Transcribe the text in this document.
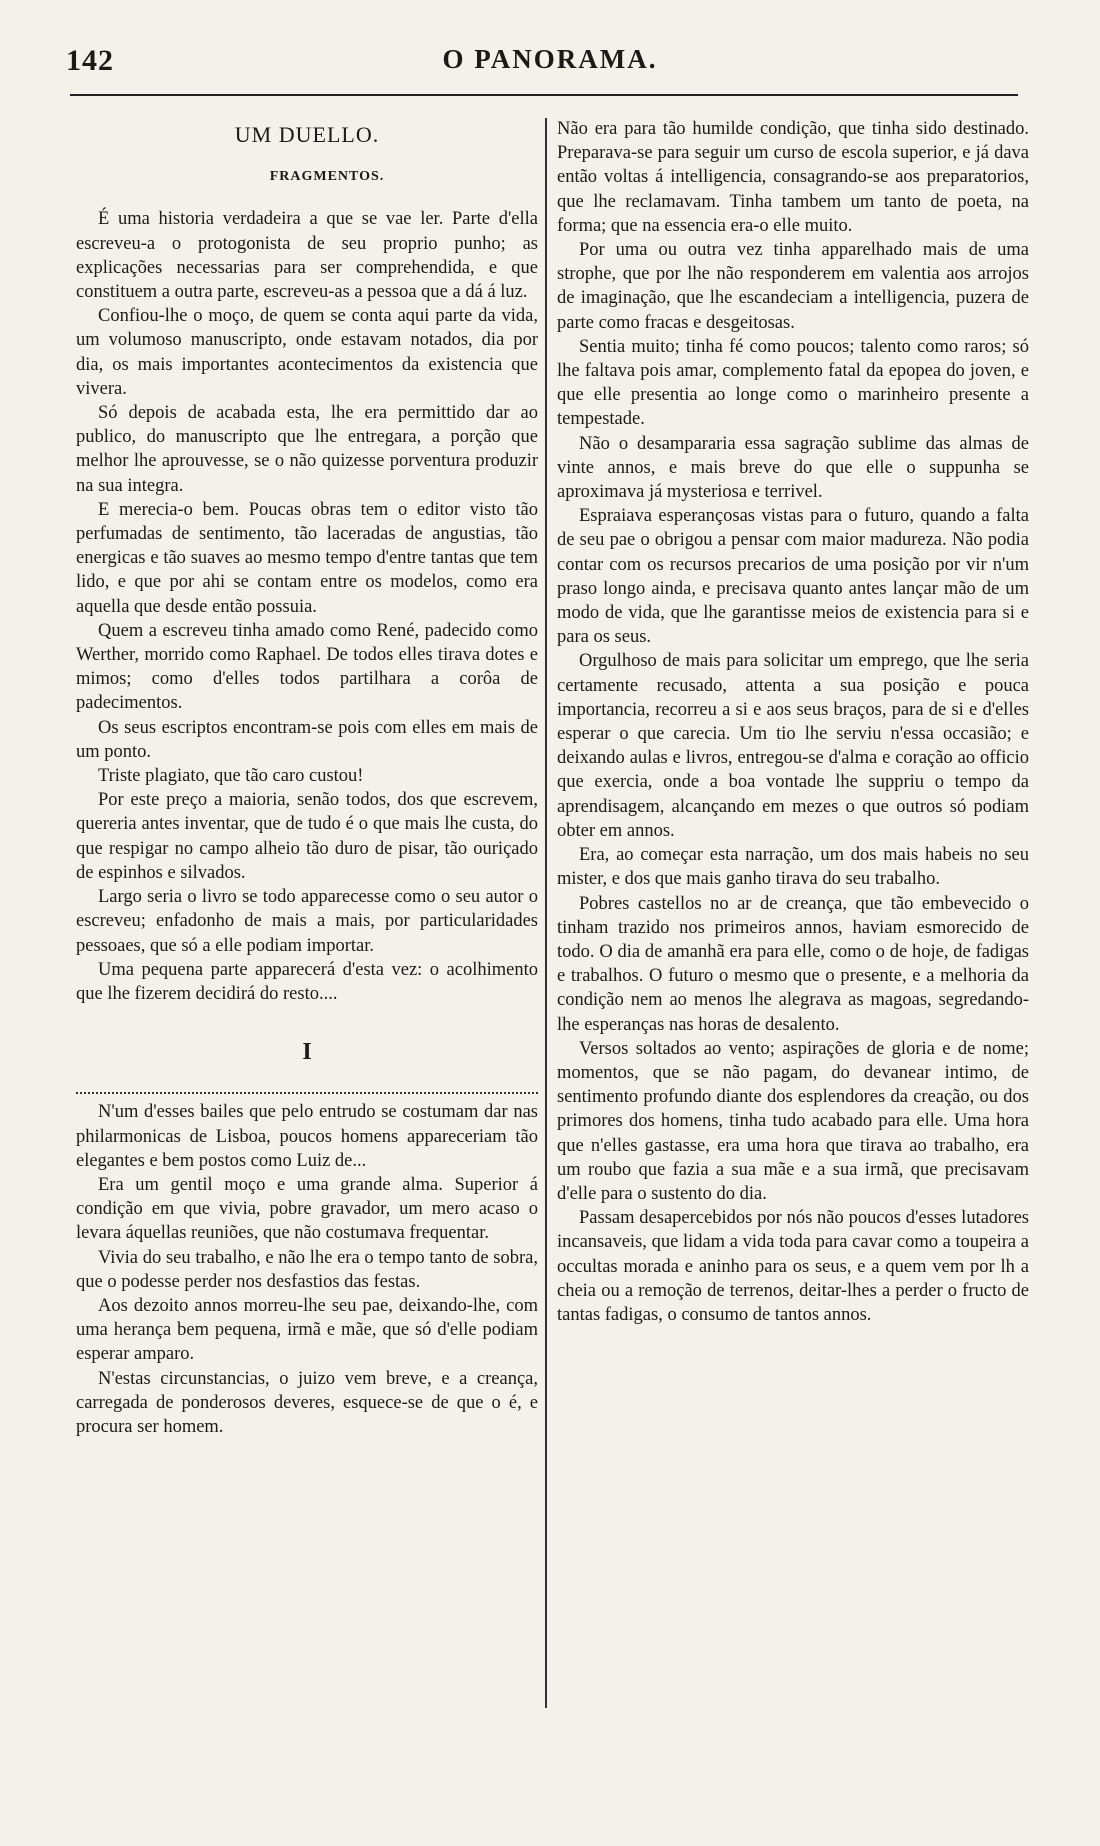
142	O PANORAMA.
UM DUELLO.
FRAGMENTOS.

É uma historia verdadeira a que se vae ler. Parte d'ella escreveu-a o protogonista de seu proprio punho; as explicações necessarias para ser comprehendida, e que constituem a outra parte, escreveu-as a pessoa que a dá á luz.

Confiou-lhe o moço, de quem se conta aqui parte da vida, um volumoso manuscripto, onde estavam notados, dia por dia, os mais importantes acontecimentos da existencia que vivera.

Só depois de acabada esta, lhe era permittido dar ao publico, do manuscripto que lhe entregara, a porção que melhor lhe aprouvesse, se o não quizesse porventura produzir na sua integra.

E merecia-o bem. Poucas obras tem o editor visto tão perfumadas de sentimento, tão laceradas de angustias, tão energicas e tão suaves ao mesmo tempo d'entre tantas que tem lido, e que por ahi se contam entre os modelos, como era aquella que desde então possuia.

Quem a escreveu tinha amado como René, padecido como Werther, morrido como Raphael. De todos elles tirava dotes e mimos; como d'elles todos partilhara a corôa de padecimentos.

Os seus escriptos encontram-se pois com elles em mais de um ponto.

Triste plagiato, que tão caro custou!

Por este preço a maioria, senão todos, dos que escrevem, quereria antes inventar, que de tudo é o que mais lhe custa, do que respigar no campo alheio tão duro de pisar, tão ouriçado de espinhos e silvados.

Largo seria o livro se todo apparecesse como o seu autor o escreveu; enfadonho de mais a mais, por particularidades pessoaes, que só a elle podiam importar.

Uma pequena parte apparecerá d'esta vez: o acolhimento que lhe fizerem decidirá do resto....

I

N'um d'esses bailes que pelo entrudo se costumam dar nas philarmonicas de Lisboa, poucos homens appareceriam tão elegantes e bem postos como Luiz de...

Era um gentil moço e uma grande alma. Superior á condição em que vivia, pobre gravador, um mero acaso o levara áquellas reuniões, que não costumava frequentar.

Vivia do seu trabalho, e não lhe era o tempo tanto de sobra, que o podesse perder nos desfastios das festas.

Aos dezoito annos morreu-lhe seu pae, deixando-lhe, com uma herança bem pequena, irmã e mãe, que só d'elle podiam esperar amparo.

N'estas circunstancias, o juizo vem breve, e a creança, carregada de ponderosos deveres, esquece-se de que o é, e procura ser homem.

Não era para tão humilde condição, que tinha sido destinado. Preparava-se para seguir um curso de escola superior, e já dava então voltas á intelligencia, consagrando-se aos preparatorios, que lhe reclamavam. Tinha tambem um tanto de poeta, na forma; que na essencia era-o elle muito.

Por uma ou outra vez tinha apparelhado mais de uma strophe, que por lhe não responderem em valentia aos arrojos de imaginação, que lhe escandeciam a intelligencia, puzera de parte como fracas e desgeitosas.

Sentia muito; tinha fé como poucos; talento como raros; só lhe faltava pois amar, complemento fatal da epopea do joven, e que elle presentia ao longe como o marinheiro presente a tempestade.

Não o desampararia essa sagração sublime das almas de vinte annos, e mais breve do que elle o suppunha se aproximava já mysteriosa e terrivel.

Espraiava esperançosas vistas para o futuro, quando a falta de seu pae o obrigou a pensar com maior madureza. Não podia contar com os recursos precarios de uma posição por vir n'um praso longo ainda, e precisava quanto antes lançar mão de um modo de vida, que lhe garantisse meios de existencia para si e para os seus.

Orgulhoso de mais para solicitar um emprego, que lhe seria certamente recusado, attenta a sua posição e pouca importancia, recorreu a si e aos seus braços, para de si e d'elles esperar o que carecia. Um tio lhe serviu n'essa occasião; e deixando aulas e livros, entregou-se d'alma e coração ao officio que exercia, onde a boa vontade lhe suppriu o tempo da aprendisagem, alcançando em mezes o que outros só podiam obter em annos.

Era, ao começar esta narração, um dos mais habeis no seu mister, e dos que mais ganho tirava do seu trabalho.

Pobres castellos no ar de creança, que tão embevecido o tinham trazido nos primeiros annos, haviam esmorecido de todo. O dia de amanhã era para elle, como o de hoje, de fadigas e trabalhos. O futuro o mesmo que o presente, e a melhoria da condição nem ao menos lhe alegrava as magoas, segredando-lhe esperanças nas horas de desalento.

Versos soltados ao vento; aspirações de gloria e de nome; momentos, que se não pagam, do devanear intimo, de sentimento profundo diante dos esplendores da creação, ou dos primores dos homens, tinha tudo acabado para elle. Uma hora que n'elles gastasse, era uma hora que tirava ao trabalho, era um roubo que fazia a sua mãe e a sua irmã, que precisavam d'elle para o sustento do dia.

Passam desapercebidos por nós não poucos d'esses lutadores incansaveis, que lidam a vida toda para cavar como a toupeira a occultas morada e aninho para os seus, e a quem vem por lh a cheia ou a remoção de terrenos, deitar-lhes a perder o fructo de tantas fadigas, o consumo de tantos annos.
